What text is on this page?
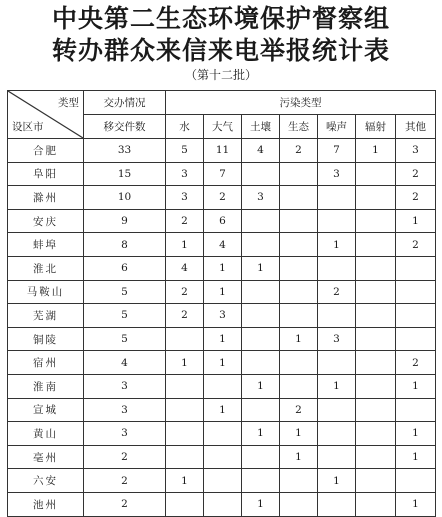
中央第二生态环境保护督察组
转办群众来信来电举报统计表
（第十二批）
类型
设区市	交办情况	污染类型						
	移交件数	水	大气	土壤	生态	噪声	辐射	其他
合肥	33	5	11	4	2	7	1	3
阜阳	15	3	7			3		2
滁州	10	3	2	3				2
安庆	9	2	6					1
蚌埠	8	1	4			1		2
淮北	6	4	1	1				
马鞍山	5	2	1			2		
芜湖	5	2	3					
铜陵	5		1		1	3		
宿州	4	1	1					2
淮南	3			1		1		1
宣城	3		1		2			
黄山	3			1	1			1
亳州	2				1			1
六安	2	1				1		
池州	2			1				1
